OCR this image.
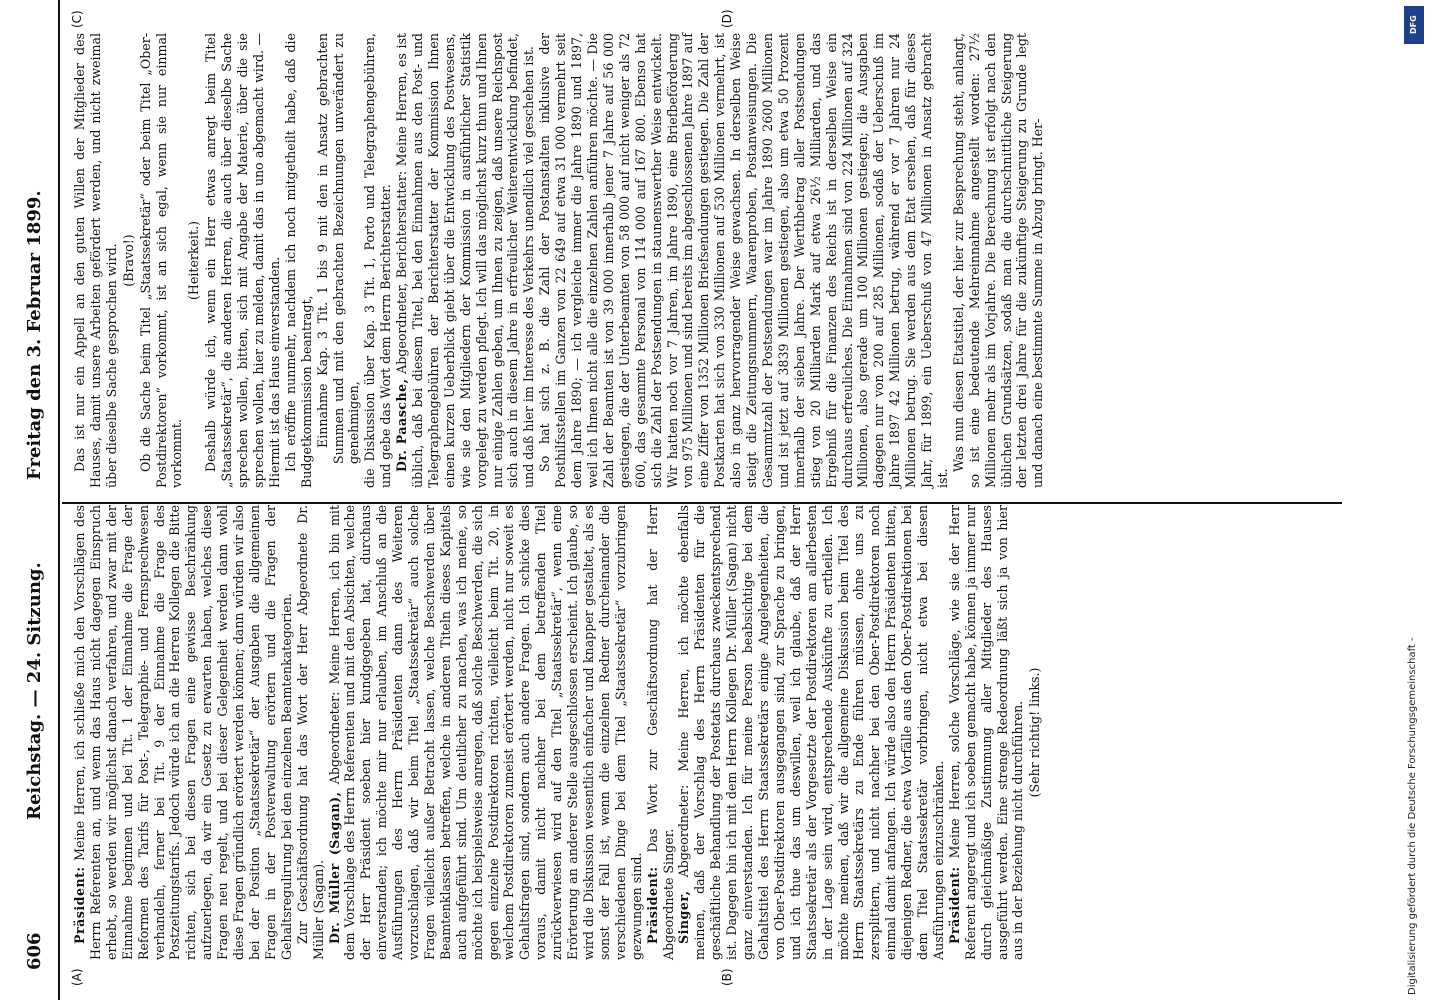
606
Reichstag. — 24. Sitzung.
Freitag den 3. Februar 1899.
(A)	(B)
(C)	(D)

Präsident: Meine Herren, ich schließe mich den Vorschlägen des Herrn Referenten an, und wenn das Haus nicht dagegen Einspruch erhebt, so werden wir möglichst danach verfahren, und zwar mit der Einnahme beginnen und bei Tit. 1 der Einnahme die Frage der Reformen des Tarifs für Post-, Telegraphie- und Fernsprechwesen verhandeln, ferner bei Tit. 9 der Einnahme die Frage des Postzeitungstarifs. Jedoch würde ich an die Herren Kollegen die Bitte richten, sich bei diesen Fragen eine gewisse Beschränkung aufzuerlegen, da wir ein Gesetz zu erwarten haben, welches diese Fragen neu regelt, und bei dieser Gelegenheit werden dann wohl diese Fragen gründlich erörtert werden können; dann würden wir also bei der Position „Staatssekretär“ der Ausgaben die allgemeinen Fragen in der Postverwaltung erörtern und die Fragen der Gehaltsregulirung bei den einzelnen Beamtenkategorien. Zur Geschäftsordnung hat das Wort der Herr Abgeordnete Dr. Müller (Sagan). Dr. Müller (Sagan), Abgeordneter: Meine Herren, ich bin mit dem Vorschlage des Herrn Referenten und mit den Absichten, welche der Herr Präsident soeben hier kundgegeben hat, durchaus einverstanden; ich möchte mir nur erlauben, im Anschluß an die Ausführungen des Herrn Präsidenten dann des Weiteren vorzuschlagen, daß wir beim Titel „Staatssekretär“ auch solche Fragen vielleicht außer Betracht lassen, welche Beschwerden über Beamtenklassen betreffen, welche in anderen Titeln dieses Kapitels auch aufgeführt sind. Um deutlicher zu machen, was ich meine, so möchte ich beispielsweise anregen, daß solche Beschwerden, die sich gegen einzelne Postdirektoren richten, vielleicht beim Tit. 20, in welchem Postdirektoren zumeist erörtert werden, nicht nur soweit es Gehaltsfragen sind, sondern auch andere Fragen. Ich schicke dies voraus, damit nicht nachher bei dem betreffenden Titel zurückverwiesen wird auf den Titel „Staatssekretär“, wenn eine Erörterung an anderer Stelle ausgeschlossen erscheint. Ich glaube, so wird die Diskussion wesentlich einfacher und knapper gestaltet, als es sonst der Fall ist, wenn die einzelnen Redner durcheinander die verschiedenen Dinge bei dem Titel „Staatssekretär“ vorzubringen gezwungen sind. Präsident: Das Wort zur Geschäftsordnung hat der Herr Abgeordnete Singer. Singer, Abgeordneter: Meine Herren, ich möchte ebenfalls meinen, daß der Vorschlag des Herrn Präsidenten für die geschäftliche Behandlung der Postetats durchaus zweckentsprechend ist. Dagegen bin ich mit dem Herrn Kollegen Dr. Müller (Sagan) nicht ganz einverstanden. Ich für meine Person beabsichtige bei dem Gehaltstitel des Herrn Staatssekretärs einige Angelegenheiten, die von Ober-Postdirektoren ausgegangen sind, zur Sprache zu bringen, und ich thue das um deswillen, weil ich glaube, daß der Herr Staatssekretär als der Vorgesetzte der Postdirektoren am allerbesten in der Lage sein wird, entsprechende Auskünfte zu ertheilen. Ich möchte meinen, daß wir die allgemeine Diskussion beim Titel des Herrn Staatssekretärs zu Ende führen müssen, ohne uns zu zersplittern, und nicht nachher bei den Ober-Postdirektoren noch einmal damit anfangen. Ich würde also den Herrn Präsidenten bitten, diejenigen Redner, die etwa Vorfälle aus den Ober-Postdirektionen bei dem Titel Staatssekretär vorbringen, nicht etwa bei diesen Ausführungen einzuschränken. Präsident: Meine Herren, solche Vorschläge, wie sie der Herr Referent angeregt und ich soeben gemacht habe, können ja immer nur durch gleichmäßige Zustimmung aller Mitglieder des Hauses ausgeführt werden. Eine strenge Redeordnung läßt sich ja von hier aus in der Beziehung nicht durchführen. (Sehr richtig! links.)

Das ist nur ein Appell an den guten Willen der Mitglieder des Hauses, damit unsere Arbeiten gefördert werden, und nicht zweimal über dieselbe Sache gesprochen wird. (Bravo!) Ob die Sache beim Titel „Staatssekretär“ oder beim Titel „Ober-Postdirektoren“ vorkommt, ist an sich egal, wenn sie nur einmal vorkommt.

(Heiterkeit.) Deshalb würde ich, wenn ein Herr etwas anregt beim Titel „Staatssekretär“, die anderen Herren, die auch über dieselbe Sache sprechen wollen, bitten, sich mit Angabe der Materie, über die sie sprechen wollen, hier zu melden, damit das in uno abgemacht wird. — Hiermit ist das Haus einverstanden. Ich eröffne nunmehr, nachdem ich noch mitgetheilt habe, daß die Budgetkommission beantragt, Einnahme Kap. 3 Tit. 1 bis 9 mit den in Ansatz gebrachten Summen und mit den gebrachten Bezeichnungen unverändert zu genehmigen, die Diskussion über Kap. 3 Tit. 1, Porto und Telegraphengebühren, und gebe das Wort dem Herrn Berichterstatter. Dr. Paasche, Abgeordneter, Berichterstatter: Meine Herren, es ist üblich, daß bei diesem Titel, bei den Einnahmen aus den Post- und Telegraphengebühren der Berichterstatter der Kommission Ihnen einen kurzen Ueberblick giebt über die Entwicklung des Postwesens, wie sie den Mitgliedern der Kommission in ausführlicher Statistik vorgelegt zu werden pflegt. Ich will das möglichst kurz thun und Ihnen nur einige Zahlen geben, um Ihnen zu zeigen, daß unsere Reichspost sich auch in diesem Jahre in erfreulicher Weiterentwicklung befindet, und daß hier im Interesse des Verkehrs unendlich viel geschehen ist. So hat sich z. B. die Zahl der Postanstalten inklusive der Posthilfsstellen im Ganzen von 22 649 auf etwa 31 000 vermehrt seit dem Jahre 1890; — ich vergleiche immer die Jahre 1890 und 1897, weil ich Ihnen nicht alle die einzelnen Zahlen anführen möchte. — Die Zahl der Beamten ist von 39 000 innerhalb jener 7 Jahre auf 56 000 gestiegen, die der Unterbeamten von 58 000 auf nicht weniger als 72 600, das gesammte Personal von 114 000 auf 167 800. Ebenso hat sich die Zahl der Postsendungen in staunenswerther Weise entwickelt. Wir hatten noch vor 7 Jahren, im Jahre 1890, eine Briefbeförderung von 975 Millionen und sind bereits im abgeschlossenen Jahre 1897 auf eine Ziffer von 1352 Millionen Briefsendungen gestiegen. Die Zahl der Postkarten hat sich von 330 Millionen auf 530 Millionen vermehrt, ist also in ganz hervorragender Weise gewachsen. In derselben Weise steigt die Zeitungsnummern, Waarenproben, Postanweisungen. Die Gesammtzahl der Postsendungen war im Jahre 1890 2600 Millionen und ist jetzt auf 3839 Millionen gestiegen, also um etwa 50 Prozent innerhalb der sieben Jahre. Der Werthbetrag aller Postsendungen stieg von 20 Milliarden Mark auf etwa 26½ Milliarden, und das Ergebniß für die Finanzen des Reichs ist in derselben Weise ein durchaus erfreuliches. Die Einnahmen sind von 224 Millionen auf 324 Millionen, also gerade um 100 Millionen gestiegen; die Ausgaben dagegen nur von 200 auf 285 Millionen, sodaß der Ueberschuß im Jahre 1897 42 Millionen betrug, während er vor 7 Jahren nur 24 Millionen betrug. Sie werden aus dem Etat ersehen, daß für dieses Jahr, für 1899, ein Ueberschuß von 47 Millionen in Ansatz gebracht ist.

Was nun diesen Etatstitel, der hier zur Besprechung steht, anlangt, so ist eine bedeutende Mehreinnahme angestellt worden: 27½ Millionen mehr als im Vorjahre. Die Berechnung ist erfolgt nach den üblichen Grundsätzen, sodaß man die durchschnittliche Steigerung der letzten drei Jahre für die zukünftige Steigerung zu Grunde legt und danach eine bestimmte Summe in Abzug bringt. Her-

Digitalisierung gefördert durch die Deutsche Forschungsgemeinschaft -
DFG
